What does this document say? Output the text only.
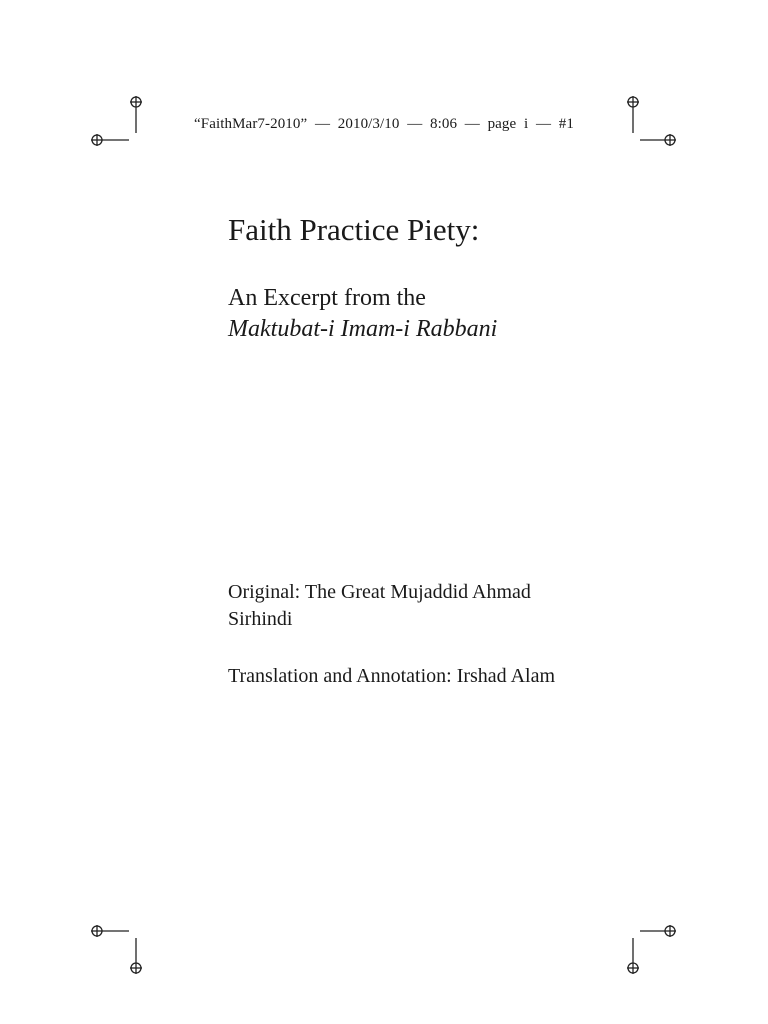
“FaithMar7-2010”  —  2010/3/10  —  8:06  —  page  i  —  #1
Faith Practice Piety:
An Excerpt from the
Maktubat-i Imam-i Rabbani
Original: The Great Mujaddid Ahmad
Sirhindi
Translation and Annotation: Irshad Alam
